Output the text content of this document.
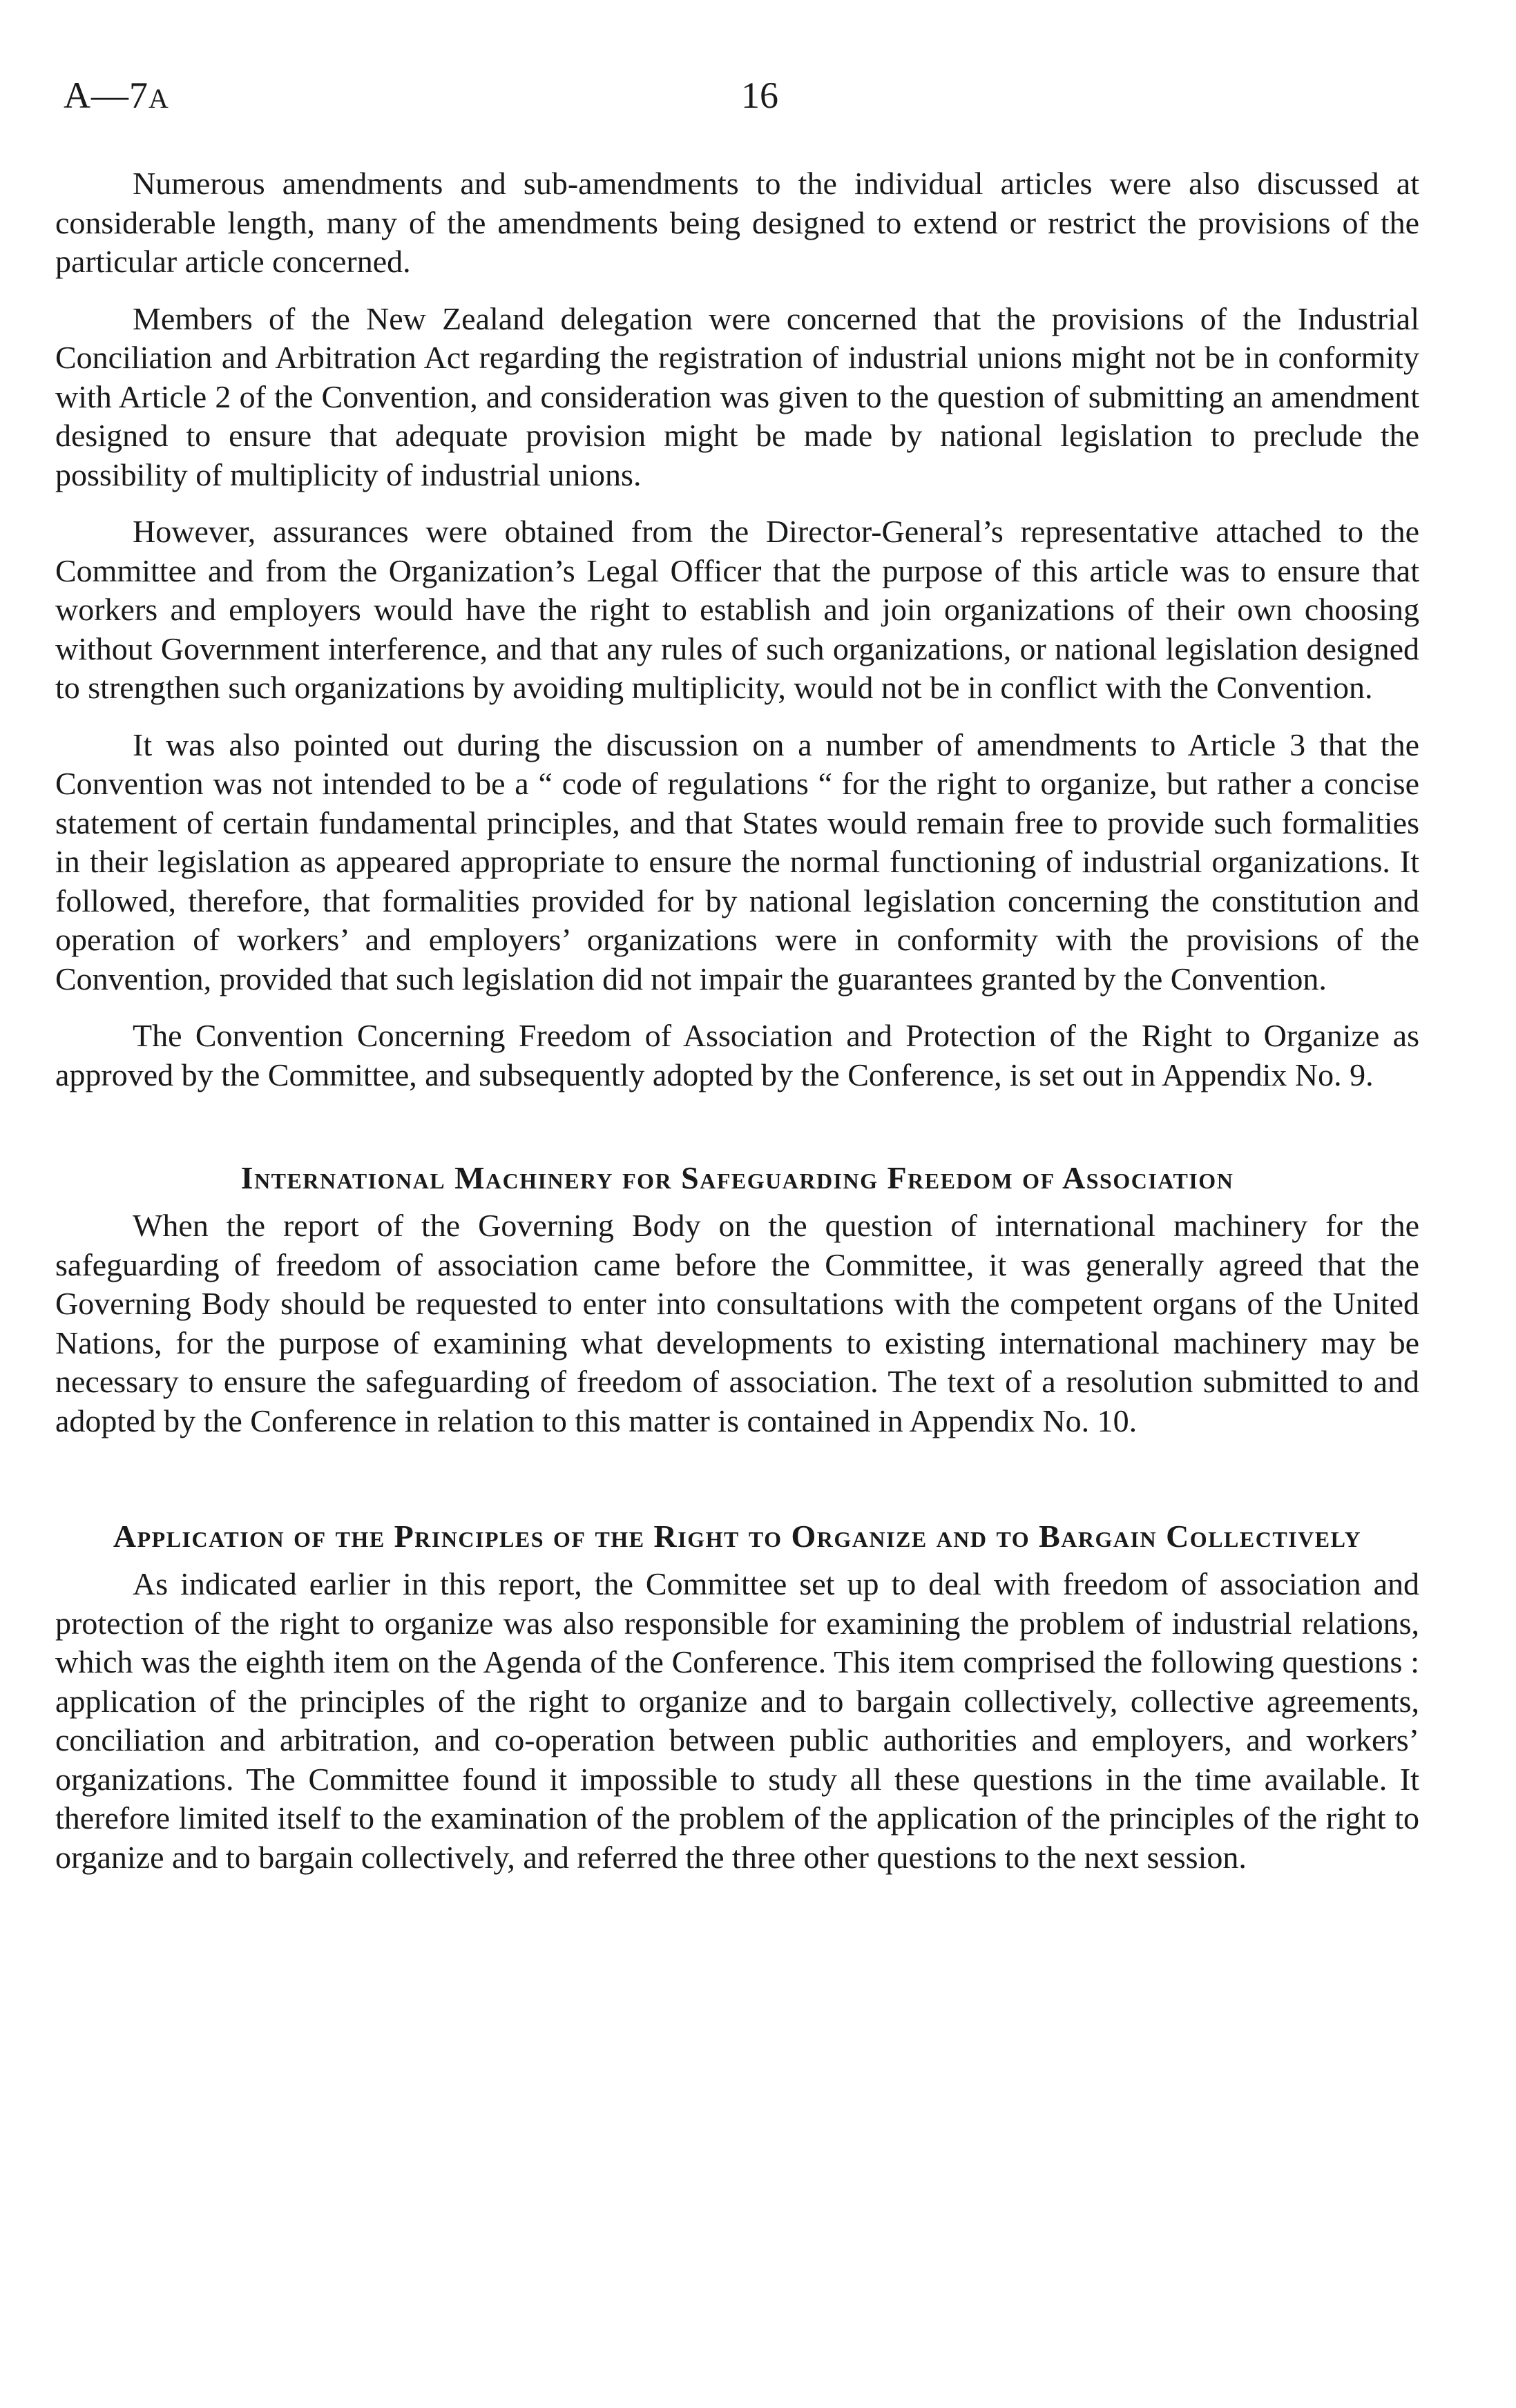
A—7A	16

Numerous amendments and sub-amendments to the individual articles were also discussed at considerable length, many of the amendments being designed to extend or restrict the provisions of the particular article concerned.

Members of the New Zealand delegation were concerned that the provisions of the Industrial Conciliation and Arbitration Act regarding the registration of industrial unions might not be in conformity with Article 2 of the Convention, and consideration was given to the question of submitting an amendment designed to ensure that adequate provision might be made by national legislation to preclude the possibility of multiplicity of industrial unions.

However, assurances were obtained from the Director-General’s representative attached to the Committee and from the Organization’s Legal Officer that the purpose of this article was to ensure that workers and employers would have the right to establish and join organizations of their own choosing without Government interference, and that any rules of such organizations, or national legislation designed to strengthen such organizations by avoiding multiplicity, would not be in conflict with the Convention.

It was also pointed out during the discussion on a number of amendments to Article 3 that the Convention was not intended to be a “ code of regulations “ for the right to organize, but rather a concise statement of certain fundamental principles, and that States would remain free to provide such formalities in their legislation as appeared appropriate to ensure the normal functioning of industrial organizations. It followed, therefore, that formalities provided for by national legislation concerning the constitution and operation of workers’ and employers’ organizations were in conformity with the provisions of the Convention, provided that such legislation did not impair the guarantees granted by the Convention.

The Convention Concerning Freedom of Association and Protection of the Right to Organize as approved by the Committee, and subsequently adopted by the Conference, is set out in Appendix No. 9.

International Machinery for Safeguarding Freedom of Association

When the report of the Governing Body on the question of international machinery for the safeguarding of freedom of association came before the Committee, it was generally agreed that the Governing Body should be requested to enter into consultations with the competent organs of the United Nations, for the purpose of examining what developments to existing international machinery may be necessary to ensure the safeguarding of freedom of association. The text of a resolution submitted to and adopted by the Conference in relation to this matter is contained in Appendix No. 10.

Application of the Principles of the Right to Organize and to Bargain Collectively

As indicated earlier in this report, the Committee set up to deal with freedom of association and protection of the right to organize was also responsible for examining the problem of industrial relations, which was the eighth item on the Agenda of the Conference. This item comprised the following questions : application of the principles of the right to organize and to bargain collectively, collective agreements, conciliation and arbitration, and co-operation between public authorities and employers, and workers’ organizations. The Committee found it impossible to study all these questions in the time available. It therefore limited itself to the examination of the problem of the application of the principles of the right to organize and to bargain collectively, and referred the three other questions to the next session.
